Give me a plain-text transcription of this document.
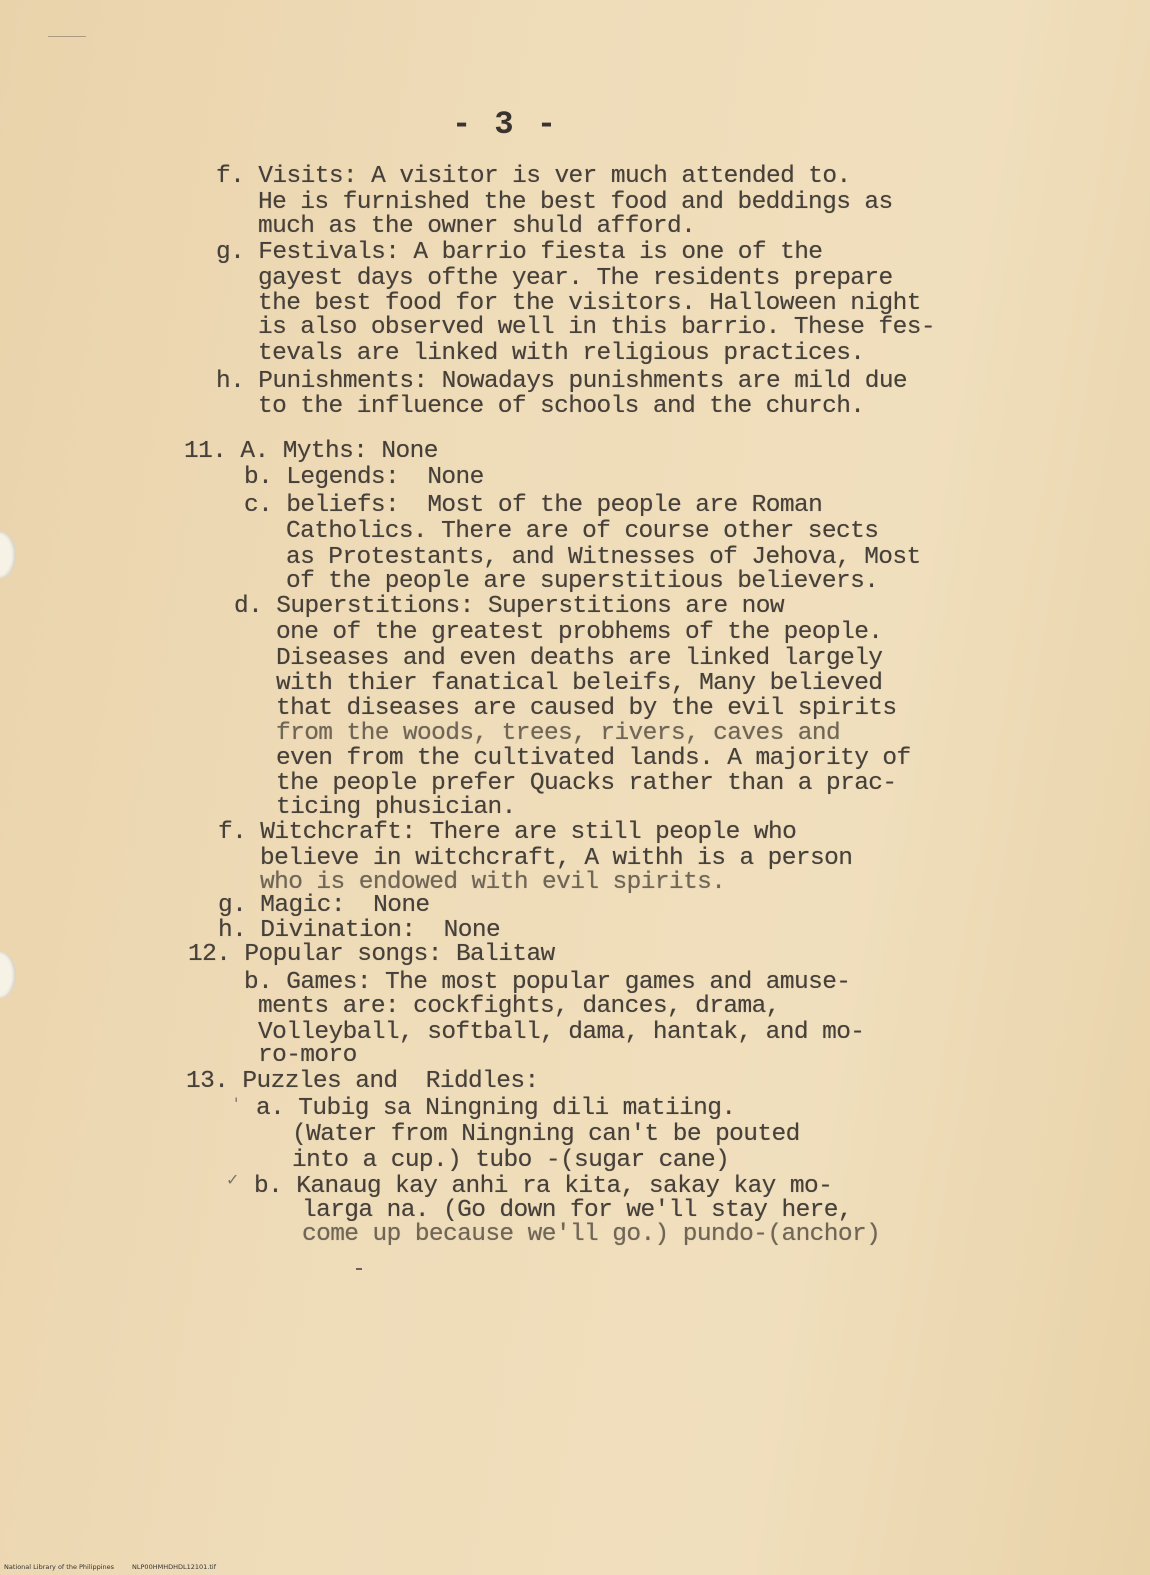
- 3 -
f. Visits: A visitor is ver much attended to.
He is furnished the best food and beddings as
much as the owner shuld afford.
g. Festivals: A barrio fiesta is one of the
gayest days ofthe year. The residents prepare
the best food for the visitors. Halloween night
is also observed well in this barrio. These fes-
tevals are linked with religious practices.
h. Punishments: Nowadays punishments are mild due
to the influence of schools and the church.
11. A. Myths: None
b. Legends:  None
c. beliefs:  Most of the people are Roman
Catholics. There are of course other sects
as Protestants, and Witnesses of Jehova, Most
of the people are superstitious believers.
d. Superstitions: Superstitions are now
one of the greatest probhems of the people.
Diseases and even deaths are linked largely
with thier fanatical beleifs, Many believed
that diseases are caused by the evil spirits
from the woods, trees, rivers, caves and
even from the cultivated lands. A majority of
the people prefer Quacks rather than a prac-
ticing phusician.
f. Witchcraft: There are still people who
believe in witchcraft, A withh is a person
who is endowed with evil spirits.
g. Magic:  None
h. Divination:  None
12. Popular songs: Balitaw
b. Games: The most popular games and amuse-
ments are: cockfights, dances, drama,
Volleyball, softball, dama, hantak, and mo-
ro-moro
13. Puzzles and  Riddles:
a. Tubig sa Ningning dili matiing.
(Water from Ningning can't be pouted
into a cup.) tubo -(sugar cane)
b. Kanaug kay anhi ra kita, sakay kay mo-
larga na. (Go down for we'll stay here,
come up because we'll go.) pundo-(anchor)
'
✓
National Library of the Philippines	NLP00HMHDHDL12101.tif
